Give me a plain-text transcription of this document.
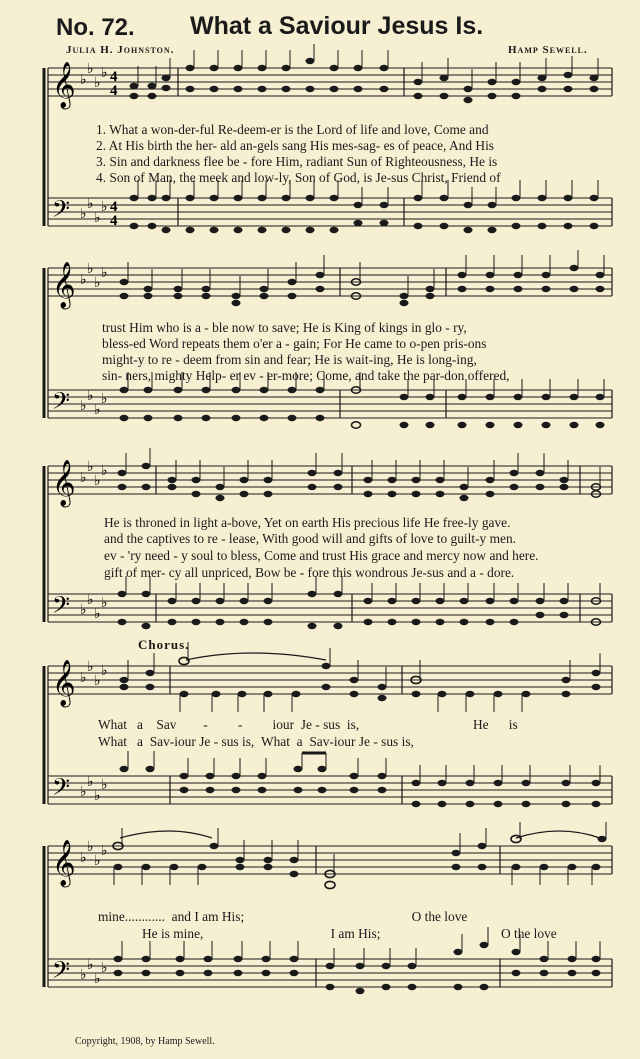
No. 72. What a Saviour Jesus Is.
Julia H. Johnston.	Hamp Sewell.
𝄞
𝄢
♭
♭
♭
♭
♭
♭
♭
♭
4
4
4
4
1. What a won-der-ful Re-deem-er is the Lord of life and love, Come and
2. At His birth the her- ald an-gels sang His mes-sag- es of peace, And His
3. Sin and darkness flee be - fore Him, radiant Sun of Righteousness, He is
4. Son of Man, the meek and low-ly, Son of God, is Je-sus Christ, Friend of
𝄞
𝄢
♭
♭
♭
♭
♭
♭
♭
♭
trust Him who is a - ble now to save; He is King of kings in glo - ry,
bless-ed Word repeats them o'er a - gain; For He came to o-pen pris-ons
might-y to re - deem from sin and fear; He is wait-ing, He is long-ing,
sin- ners, mighty Help- er ev - er-more; Come, and take the par-don offered,
𝄞
𝄢
♭
♭
♭
♭
♭
♭
♭
♭
He is throned in light a-bove, Yet on earth His precious life He free-ly gave.
and the captives to re - lease, With good will and gifts of love to guilt-y men.
ev - 'ry need - y soul to bless, Come and trust His grace and mercy now and here.
gift of mer- cy all unpriced, Bow be - fore this wondrous Je-sus and a - dore.
Chorus.
𝄞
𝄢
♭
♭
♭
♭
♭
♭
♭
♭
What a Sav - - iour Je - sus is,	He is
What a Sav-iour Je - sus is, What a Sav-iour Je - sus is,
𝄞
𝄢
♭
♭
♭
♭
♭
♭
♭
♭
mine............ and I am His;	O the love
He is mine,	I am His;	O the love
Copyright, 1908, by Hamp Sewell.
